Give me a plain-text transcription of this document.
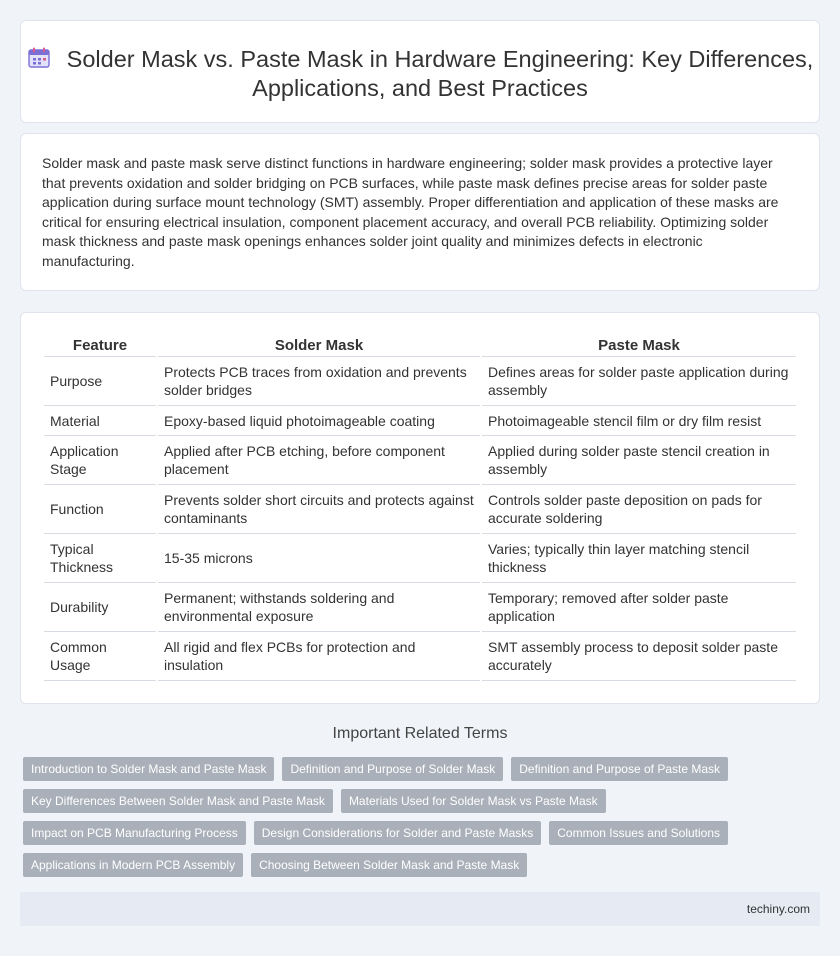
Solder Mask vs. Paste Mask in Hardware Engineering: Key Differences, Applications, and Best Practices

Solder mask and paste mask serve distinct functions in hardware engineering; solder mask provides a protective layer that prevents oxidation and solder bridging on PCB surfaces, while paste mask defines precise areas for solder paste application during surface mount technology (SMT) assembly. Proper differentiation and application of these masks are critical for ensuring electrical insulation, component placement accuracy, and overall PCB reliability. Optimizing solder mask thickness and paste mask openings enhances solder joint quality and minimizes defects in electronic manufacturing.

Feature	Solder Mask	Paste Mask
Purpose	Protects PCB traces from oxidation and prevents solder bridges	Defines areas for solder paste application during assembly
Material	Epoxy-based liquid photoimageable coating	Photoimageable stencil film or dry film resist
Application Stage	Applied after PCB etching, before component placement	Applied during solder paste stencil creation in assembly
Function	Prevents solder short circuits and protects against contaminants	Controls solder paste deposition on pads for accurate soldering
Typical Thickness	15-35 microns	Varies; typically thin layer matching stencil thickness
Durability	Permanent; withstands soldering and environmental exposure	Temporary; removed after solder paste application
Common Usage	All rigid and flex PCBs for protection and insulation	SMT assembly process to deposit solder paste accurately
Important Related Terms
Introduction to Solder Mask and Paste Mask	Definition and Purpose of Solder Mask	Definition and Purpose of Paste Mask
Key Differences Between Solder Mask and Paste Mask	Materials Used for Solder Mask vs Paste Mask
Impact on PCB Manufacturing Process	Design Considerations for Solder and Paste Masks	Common Issues and Solutions
Applications in Modern PCB Assembly	Choosing Between Solder Mask and Paste Mask
techiny.com
